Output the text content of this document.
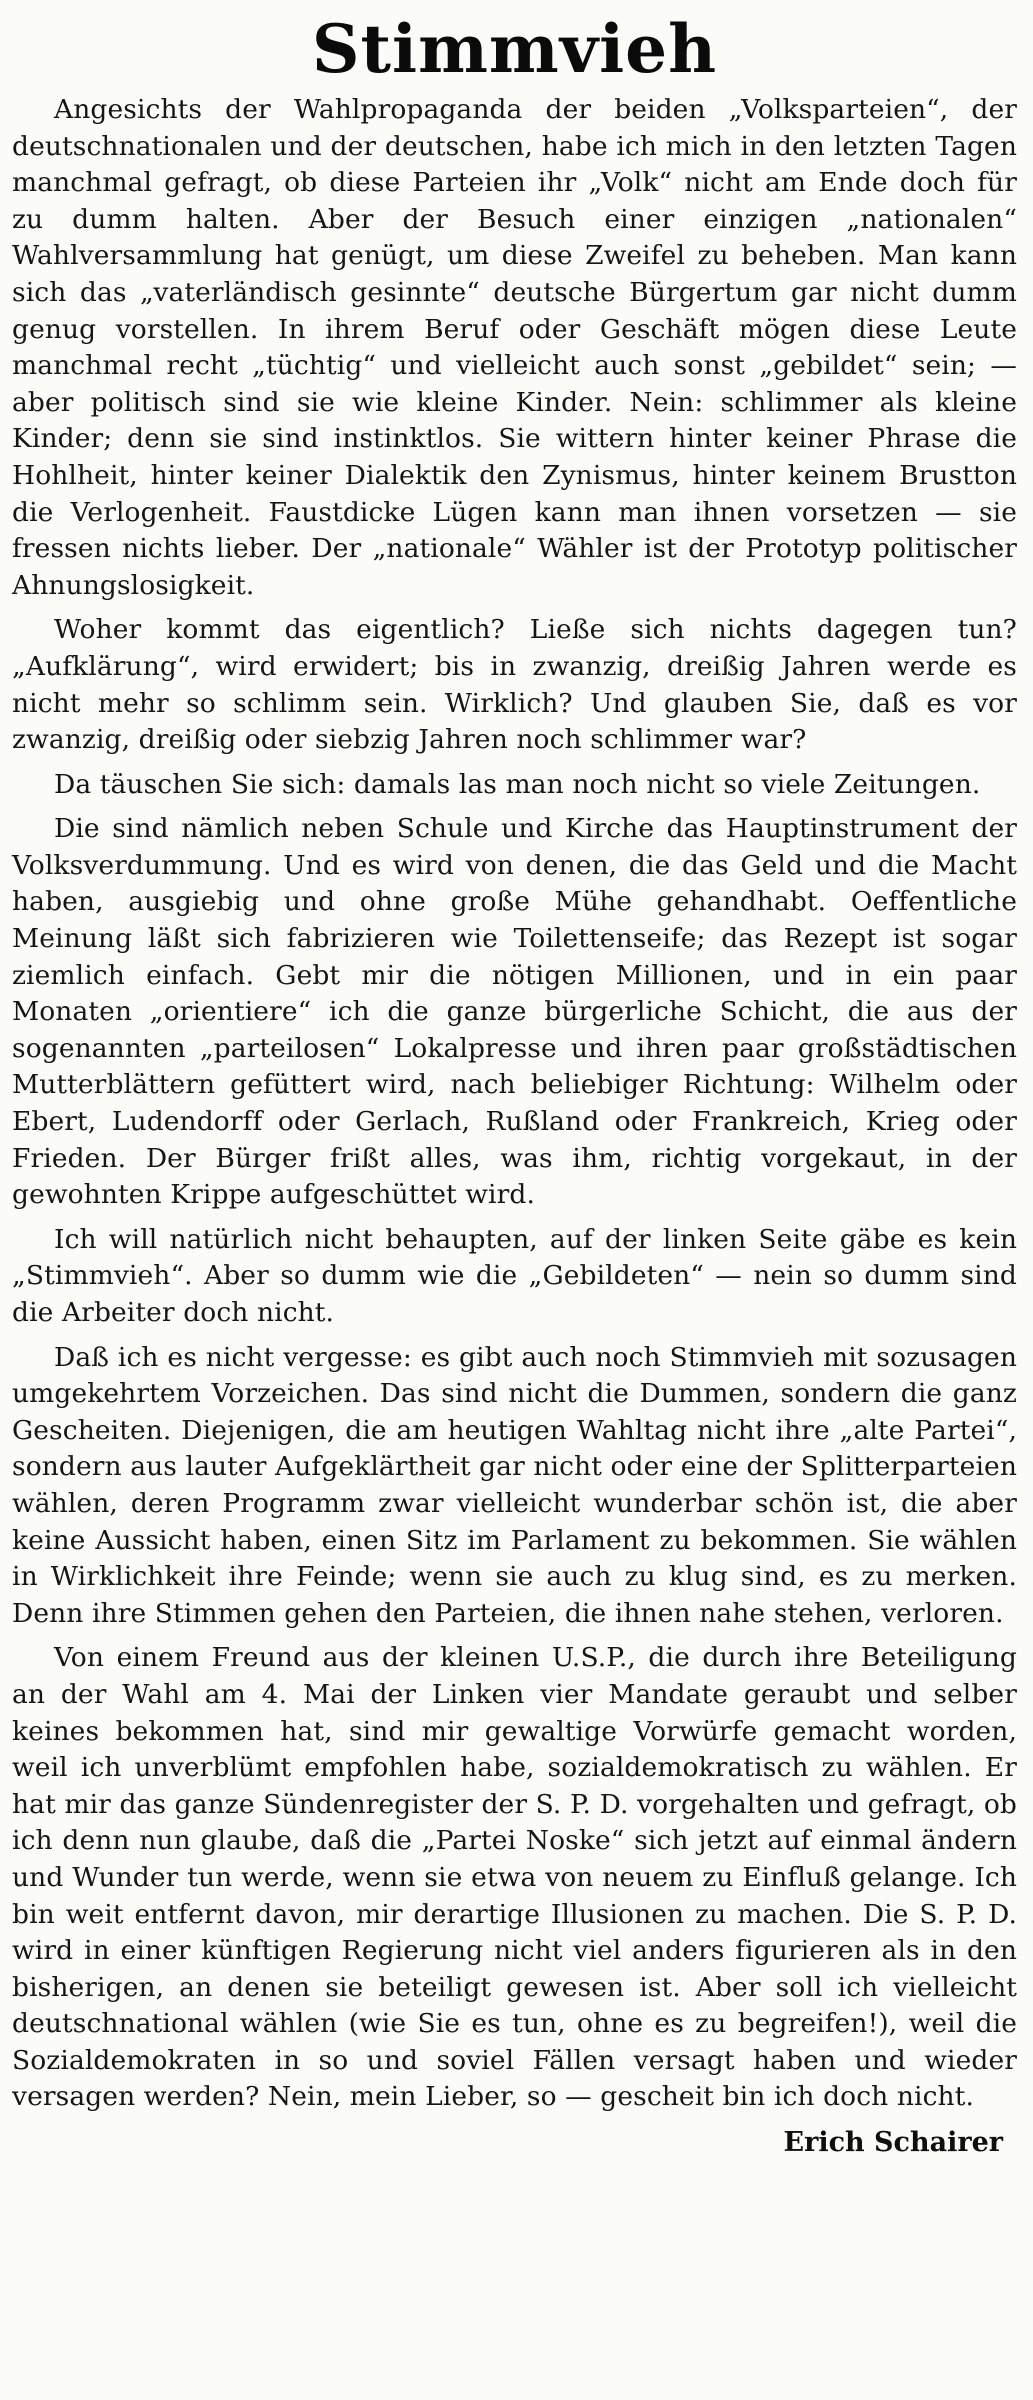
Stimmvieh

Angesichts der Wahlpropaganda der beiden „Volksparteien“, der deutschnationalen und der deutschen, habe ich mich in den letzten Tagen manchmal gefragt, ob diese Parteien ihr „Volk“ nicht am Ende doch für zu dumm halten. Aber der Besuch einer einzigen „nationalen“ Wahlversammlung hat genügt, um diese Zweifel zu beheben. Man kann sich das „vaterländisch gesinnte“ deutsche Bürgertum gar nicht dumm genug vorstellen. In ihrem Beruf oder Geschäft mögen diese Leute manchmal recht „tüchtig“ und vielleicht auch sonst „gebildet“ sein; — aber politisch sind sie wie kleine Kinder. Nein: schlimmer als kleine Kinder; denn sie sind instinktlos. Sie wittern hinter keiner Phrase die Hohlheit, hinter keiner Dialektik den Zynismus, hinter keinem Brustton die Verlogenheit. Faustdicke Lügen kann man ihnen vorsetzen — sie fressen nichts lieber. Der „nationale“ Wähler ist der Prototyp politischer Ahnungslosigkeit.

Woher kommt das eigentlich? Ließe sich nichts dagegen tun? „Aufklärung“, wird erwidert; bis in zwanzig, dreißig Jahren werde es nicht mehr so schlimm sein. Wirklich? Und glauben Sie, daß es vor zwanzig, dreißig oder siebzig Jahren noch schlimmer war?

Da täuschen Sie sich: damals las man noch nicht so viele Zeitungen.

Die sind nämlich neben Schule und Kirche das Hauptinstrument der Volksverdummung. Und es wird von denen, die das Geld und die Macht haben, ausgiebig und ohne große Mühe gehandhabt. Oeffentliche Meinung läßt sich fabrizieren wie Toilettenseife; das Rezept ist sogar ziemlich einfach. Gebt mir die nötigen Millionen, und in ein paar Monaten „orientiere“ ich die ganze bürgerliche Schicht, die aus der sogenannten „parteilosen“ Lokalpresse und ihren paar großstädtischen Mutterblättern gefüttert wird, nach beliebiger Richtung: Wilhelm oder Ebert, Ludendorff oder Gerlach, Rußland oder Frankreich, Krieg oder Frieden. Der Bürger frißt alles, was ihm, richtig vorgekaut, in der gewohnten Krippe aufgeschüttet wird.

Ich will natürlich nicht behaupten, auf der linken Seite gäbe es kein „Stimmvieh“. Aber so dumm wie die „Gebildeten“ — nein so dumm sind die Arbeiter doch nicht.

Daß ich es nicht vergesse: es gibt auch noch Stimmvieh mit sozusagen umgekehrtem Vorzeichen. Das sind nicht die Dummen, sondern die ganz Gescheiten. Diejenigen, die am heutigen Wahltag nicht ihre „alte Partei“, sondern aus lauter Aufgeklärtheit gar nicht oder eine der Splitterparteien wählen, deren Programm zwar vielleicht wunderbar schön ist, die aber keine Aussicht haben, einen Sitz im Parlament zu bekommen. Sie wählen in Wirklichkeit ihre Feinde; wenn sie auch zu klug sind, es zu merken. Denn ihre Stimmen gehen den Parteien, die ihnen nahe stehen, verloren.

Von einem Freund aus der kleinen U.S.P., die durch ihre Beteiligung an der Wahl am 4. Mai der Linken vier Mandate geraubt und selber keines bekommen hat, sind mir gewaltige Vorwürfe gemacht worden, weil ich unverblümt empfohlen habe, sozialdemokratisch zu wählen. Er hat mir das ganze Sündenregister der S. P. D. vorgehalten und gefragt, ob ich denn nun glaube, daß die „Partei Noske“ sich jetzt auf einmal ändern und Wunder tun werde, wenn sie etwa von neuem zu Einfluß gelange. Ich bin weit entfernt davon, mir derartige Illusionen zu machen. Die S. P. D. wird in einer künftigen Regierung nicht viel anders figurieren als in den bisherigen, an denen sie beteiligt gewesen ist. Aber soll ich vielleicht deutschnational wählen (wie Sie es tun, ohne es zu begreifen!), weil die Sozialdemokraten in so und soviel Fällen versagt haben und wieder versagen werden? Nein, mein Lieber, so — gescheit bin ich doch nicht.

Erich Schairer
